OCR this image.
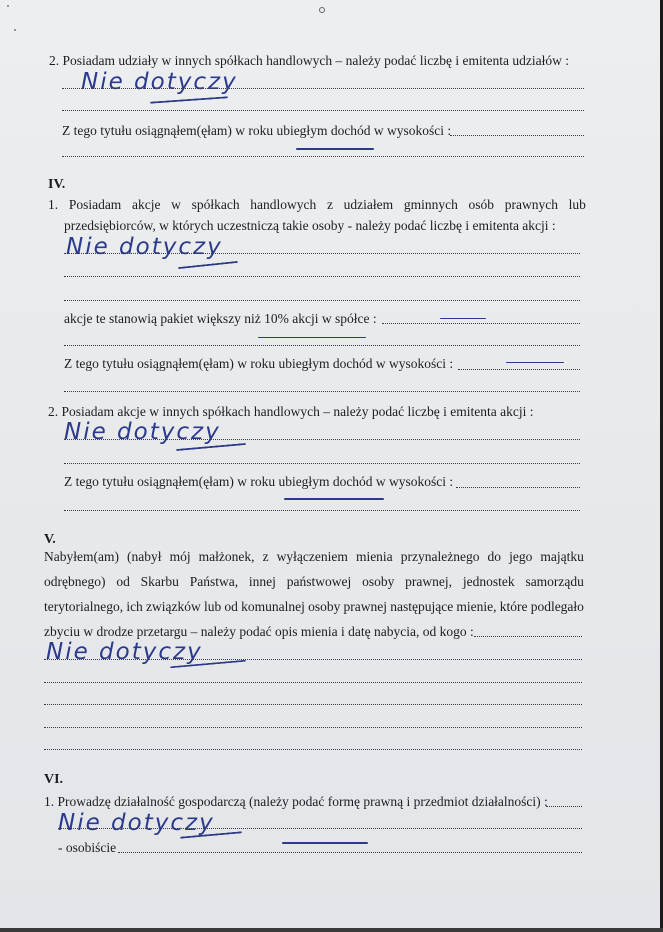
2. Posiadam udziały w innych spółkach handlowych – należy podać liczbę i emitenta udziałów :
Nie dotyczy
Z tego tytułu osiągnąłem(ęłam) w roku ubiegłym dochód w wysokości :
IV.
1. Posiadam akcje w spółkach handlowych z udziałem gminnych osób prawnych lub
przedsiębiorców, w których uczestniczą takie osoby - należy podać liczbę i emitenta akcji :
Nie dotyczy
akcje te stanowią pakiet większy niż 10% akcji w spółce :
Z tego tytułu osiągnąłem(ęłam) w roku ubiegłym dochód w wysokości :
2. Posiadam akcje w innych spółkach handlowych – należy podać liczbę i emitenta akcji :
Nie dotyczy
Z tego tytułu osiągnąłem(ęłam) w roku ubiegłym dochód w wysokości :
V.
Nabyłem(am) (nabył mój małżonek, z wyłączeniem mienia przynależnego do jego majątku
odrębnego) od Skarbu Państwa, innej państwowej osoby prawnej, jednostek samorządu
terytorialnego, ich związków lub od komunalnej osoby prawnej następujące mienie, które podlegało
zbyciu w drodze przetargu – należy podać opis mienia i datę nabycia, od kogo :
Nie dotyczy
VI.
1. Prowadzę działalność gospodarczą (należy podać formę prawną i przedmiot działalności) :
Nie dotyczy
- osobiście
